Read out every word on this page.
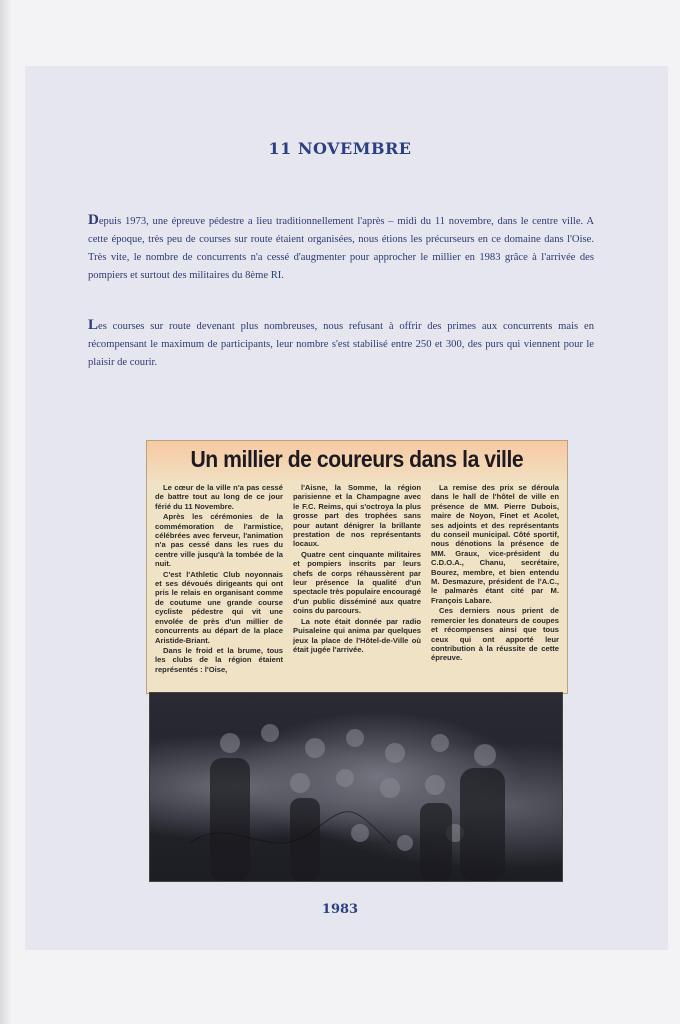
11 NOVEMBRE
Depuis 1973, une épreuve pédestre a lieu traditionnellement l'après – midi du 11 novembre, dans le centre ville. A cette époque, très peu de courses sur route étaient organisées, nous étions les précurseurs en ce domaine dans l'Oise. Très vite, le nombre de concurrents n'a cessé d'augmenter pour approcher le millier en 1983 grâce à l'arrivée des pompiers et surtout des militaires du 8ème RI.
Les courses sur route devenant plus nombreuses, nous refusant à offrir des primes aux concurrents mais en récompensant le maximum de participants, leur nombre s'est stabilisé entre 250 et 300, des purs qui viennent pour le plaisir de courir.
Un millier de coureurs dans la ville

Le cœur de la ville n'a pas cessé de battre tout au long de ce jour férié du 11 Novembre.

Après les cérémonies de la commémoration de l'armistice, célébrées avec ferveur, l'animation n'a pas cessé dans les rues du centre ville jusqu'à la tombée de la nuit.

C'est l'Athletic Club noyonnais et ses dévoués dirigeants qui ont pris le relais en organisant comme de coutume une grande course cycliste pédestre qui vit une envolée de près d'un millier de concurrents au départ de la place Aristide-Briant.

Dans le froid et la brume, tous les clubs de la région étaient représentés : l'Oise,

l'Aisne, la Somme, la région parisienne et la Champagne avec le F.C. Reims, qui s'octroya la plus grosse part des trophées sans pour autant dénigrer la brillante prestation de nos représentants locaux.

Quatre cent cinquante militaires et pompiers inscrits par leurs chefs de corps réhaussèrent par leur présence la qualité d'un spectacle très populaire encouragé d'un public disséminé aux quatre coins du parcours.

La note était donnée par radio Puisaleine qui anima par quelques jeux la place de l'Hôtel-de-Ville où était jugée l'arrivée.

La remise des prix se déroula dans le hall de l'hôtel de ville en présence de MM. Pierre Dubois, maire de Noyon, Finet et Acolet, ses adjoints et des représentants du conseil municipal. Côté sportif, nous dénotions la présence de MM. Graux, vice-président du C.D.O.A., Chanu, secrétaire, Bourez, membre, et bien entendu M. Desmazure, président de l'A.C., le palmarès étant cité par M. François Labare.

Ces derniers nous prient de remercier les donateurs de coupes et récompenses ainsi que tous ceux qui ont apporté leur contribution à la réussite de cette épreuve.

1983
